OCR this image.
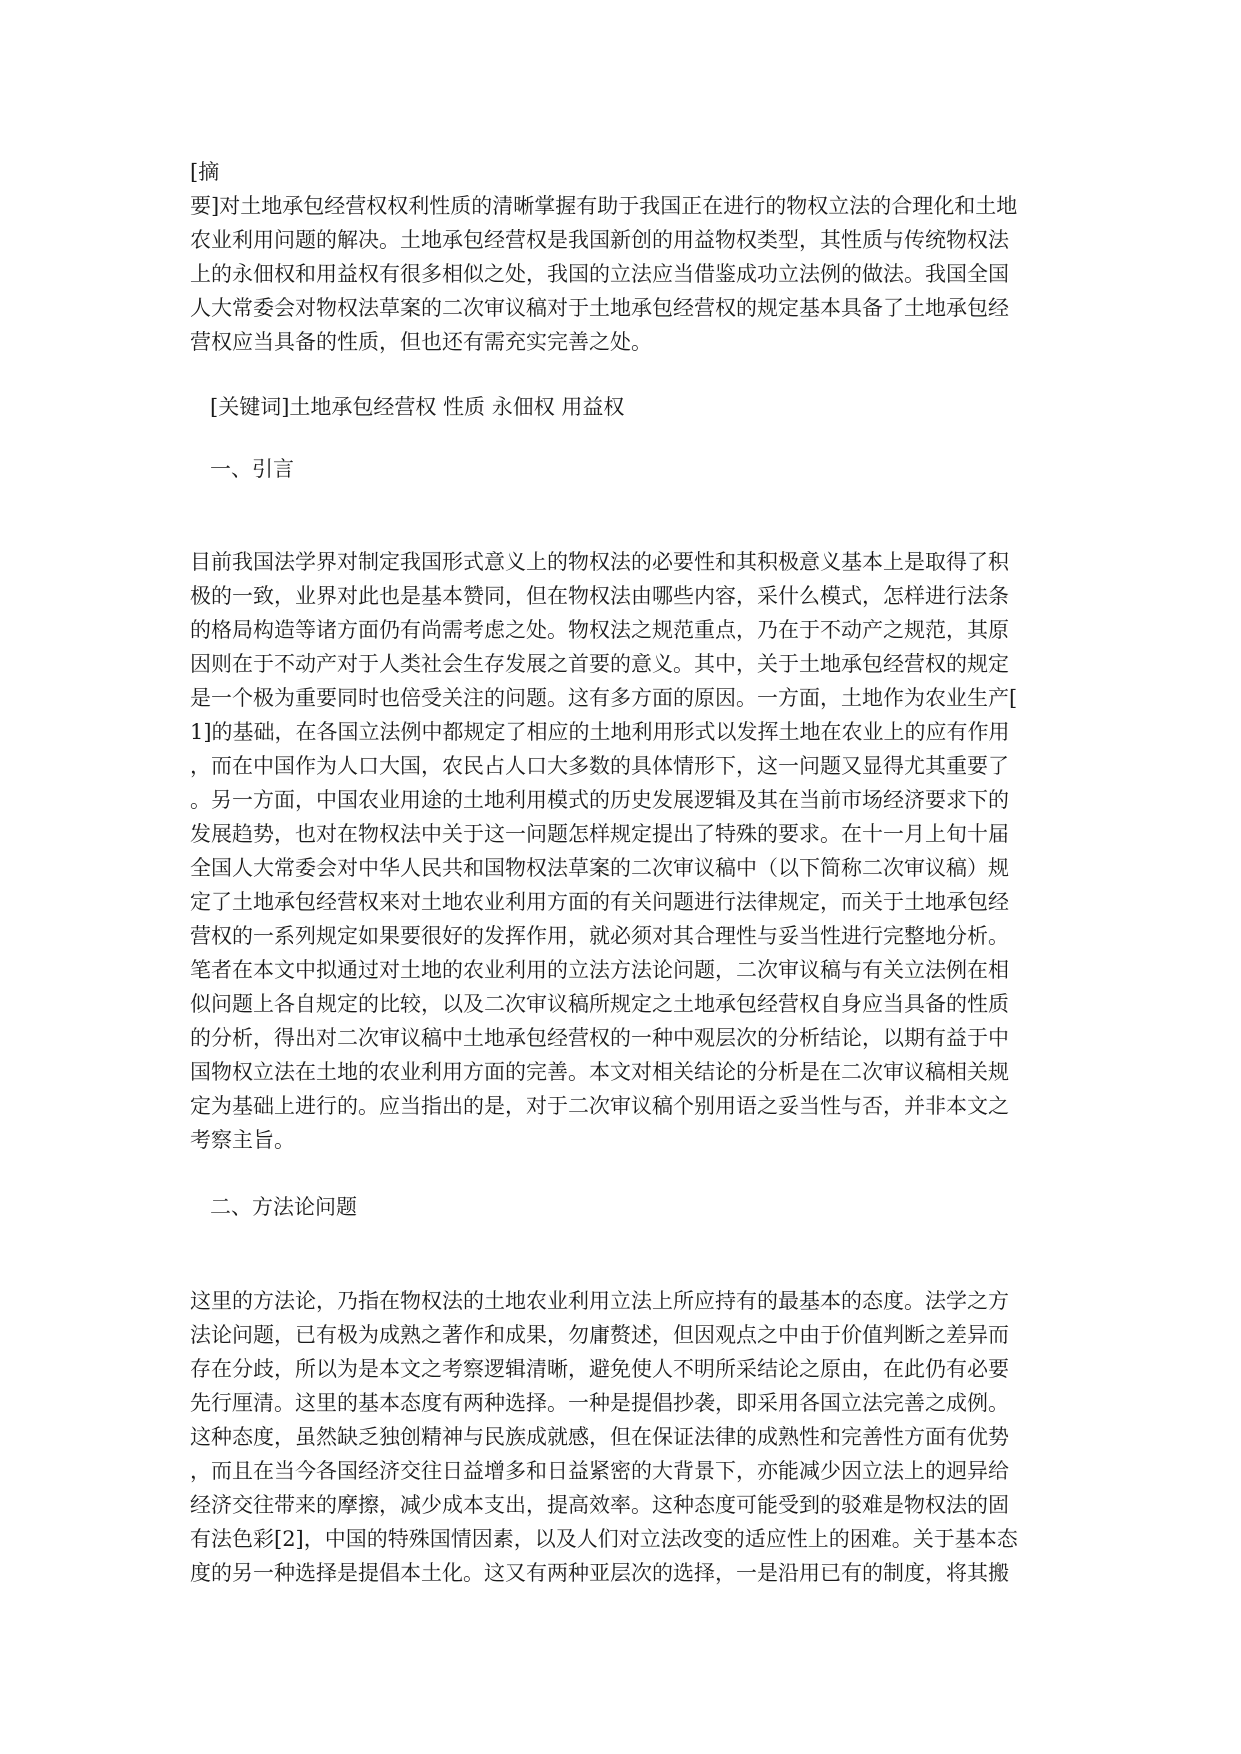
[摘
要]对土地承包经营权权利性质的清晰掌握有助于我国正在进行的物权立法的合理化和土地
农业利用问题的解决。土地承包经营权是我国新创的用益物权类型，其性质与传统物权法
上的永佃权和用益权有很多相似之处，我国的立法应当借鉴成功立法例的做法。我国全国
人大常委会对物权法草案的二次审议稿对于土地承包经营权的规定基本具备了土地承包经
营权应当具备的性质，但也还有需充实完善之处。
[关键词]土地承包经营权 性质 永佃权 用益权
一、引言
目前我国法学界对制定我国形式意义上的物权法的必要性和其积极意义基本上是取得了积
极的一致，业界对此也是基本赞同，但在物权法由哪些内容，采什么模式，怎样进行法条
的格局构造等诸方面仍有尚需考虑之处。物权法之规范重点，乃在于不动产之规范，其原
因则在于不动产对于人类社会生存发展之首要的意义。其中，关于土地承包经营权的规定
是一个极为重要同时也倍受关注的问题。这有多方面的原因。一方面，土地作为农业生产[
1]的基础，在各国立法例中都规定了相应的土地利用形式以发挥土地在农业上的应有作用
，而在中国作为人口大国，农民占人口大多数的具体情形下，这一问题又显得尤其重要了
。另一方面，中国农业用途的土地利用模式的历史发展逻辑及其在当前市场经济要求下的
发展趋势，也对在物权法中关于这一问题怎样规定提出了特殊的要求。在十一月上旬十届
全国人大常委会对中华人民共和国物权法草案的二次审议稿中（以下简称二次审议稿）规
定了土地承包经营权来对土地农业利用方面的有关问题进行法律规定，而关于土地承包经
营权的一系列规定如果要很好的发挥作用，就必须对其合理性与妥当性进行完整地分析。
笔者在本文中拟通过对土地的农业利用的立法方法论问题，二次审议稿与有关立法例在相
似问题上各自规定的比较，以及二次审议稿所规定之土地承包经营权自身应当具备的性质
的分析，得出对二次审议稿中土地承包经营权的一种中观层次的分析结论，以期有益于中
国物权立法在土地的农业利用方面的完善。本文对相关结论的分析是在二次审议稿相关规
定为基础上进行的。应当指出的是，对于二次审议稿个别用语之妥当性与否，并非本文之
考察主旨。
二、方法论问题
这里的方法论，乃指在物权法的土地农业利用立法上所应持有的最基本的态度。法学之方
法论问题，已有极为成熟之著作和成果，勿庸赘述，但因观点之中由于价值判断之差异而
存在分歧，所以为是本文之考察逻辑清晰，避免使人不明所采结论之原由，在此仍有必要
先行厘清。这里的基本态度有两种选择。一种是提倡抄袭，即采用各国立法完善之成例。
这种态度，虽然缺乏独创精神与民族成就感，但在保证法律的成熟性和完善性方面有优势
，而且在当今各国经济交往日益增多和日益紧密的大背景下，亦能减少因立法上的迥异给
经济交往带来的摩擦，减少成本支出，提高效率。这种态度可能受到的驳难是物权法的固
有法色彩[2]，中国的特殊国情因素，以及人们对立法改变的适应性上的困难。关于基本态
度的另一种选择是提倡本土化。这又有两种亚层次的选择，一是沿用已有的制度，将其搬
